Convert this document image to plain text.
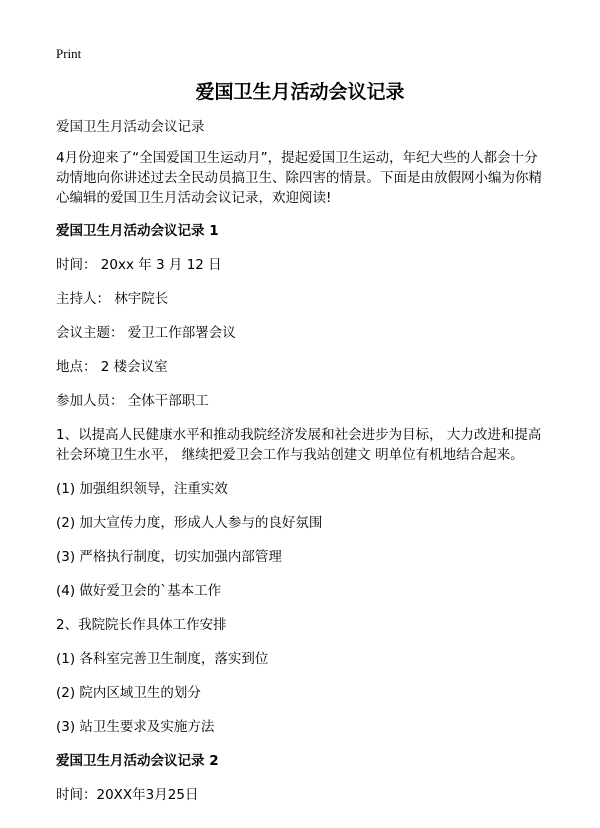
Print
爱国卫生月活动会议记录
爱国卫生月活动会议记录
4月份迎来了“全国爱国卫生运动月”，提起爱国卫生运动，年纪大些的人都会十分
动情地向你讲述过去全民动员搞卫生、除四害的情景。下面是由放假网小编为你精
心编辑的爱国卫生月活动会议记录，欢迎阅读!
爱国卫生月活动会议记录 1
时间： 20xx 年 3 月 12 日
主持人： 林宇院长
会议主题： 爱卫工作部署会议
地点： 2 楼会议室
参加人员： 全体干部职工
1、以提高人民健康水平和推动我院经济发展和社会进步为目标， 大力改进和提高
社会环境卫生水平， 继续把爱卫会工作与我站创建文 明单位有机地结合起来。
(1) 加强组织领导，注重实效
(2) 加大宣传力度，形成人人参与的良好氛围
(3) 严格执行制度，切实加强内部管理
(4) 做好爱卫会的`基本工作
2、我院院长作具体工作安排
(1) 各科室完善卫生制度，落实到位
(2) 院内区域卫生的划分
(3) 站卫生要求及实施方法
爱国卫生月活动会议记录 2
时间：20XX年3月25日
